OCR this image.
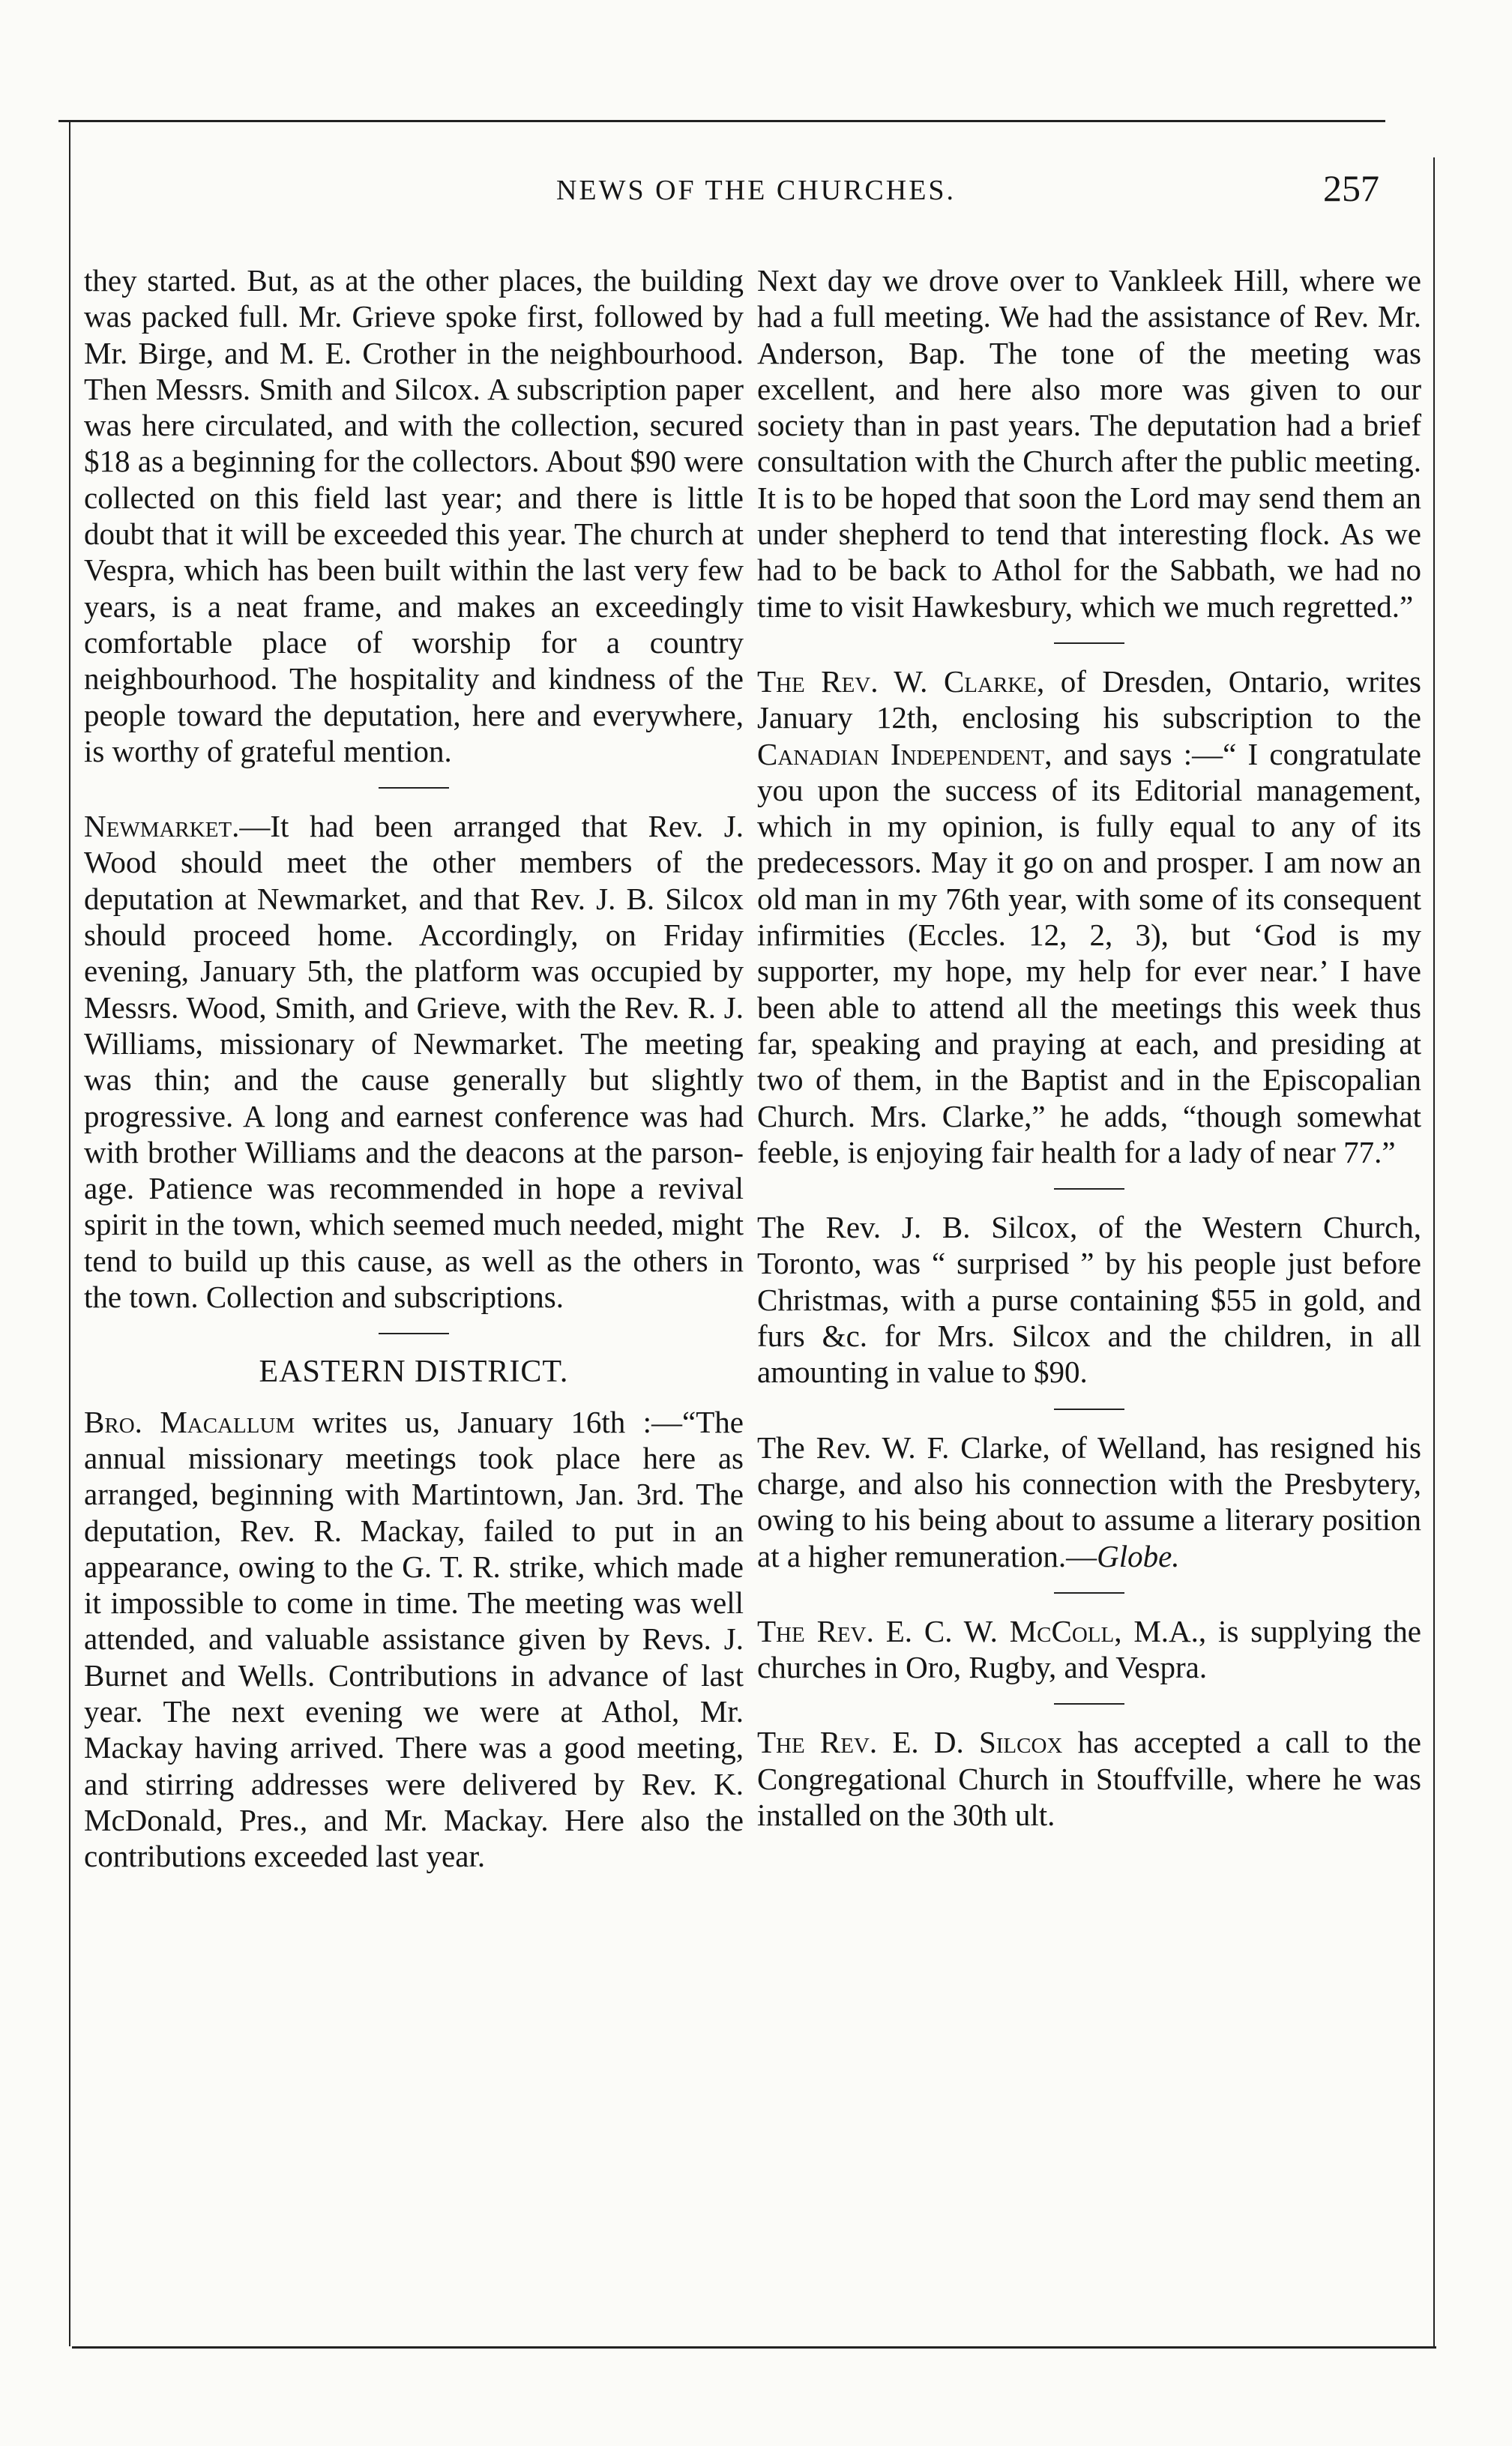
NEWS OF THE CHURCHES.	257

they started. But, as at the other places, the building was packed full. Mr. Grieve spoke first, followed by Mr. Birge, and M. E. Crother in the neighbourhood. Then Messrs. Smith and Silcox. A subscription paper was here circulated, and with the collection, secured $18 as a beginning for the collectors. About $90 were collected on this field last year; and there is little doubt that it will be exceeded this year. The church at Vespra, which has been built within the last very few years, is a neat frame, and makes an exceedingly comfortable place of worship for a country neighbourhood. The hospitality and kindness of the people toward the deputation, here and everywhere, is worthy of grateful mention.

Newmarket.—It had been arranged that Rev. J. Wood should meet the other members of the deputation at Newmarket, and that Rev. J. B. Silcox should proceed home. Accordingly, on Friday evening, January 5th, the platform was occupied by Messrs. Wood, Smith, and Grieve, with the Rev. R. J. Williams, missionary of Newmarket. The meeting was thin; and the cause generally but slightly progressive. A long and earnest conference was had with brother Williams and the deacons at the parsonage. Patience was recommended in hope a revival spirit in the town, which seemed much needed, might tend to build up this cause, as well as the others in the town. Collection and subscriptions.

EASTERN DISTRICT.

Bro. Macallum writes us, January 16th :—“The annual missionary meetings took place here as arranged, beginning with Martintown, Jan. 3rd. The deputation, Rev. R. Mackay, failed to put in an appearance, owing to the G. T. R. strike, which made it impossible to come in time. The meeting was well attended, and valuable assistance given by Revs. J. Burnet and Wells. Contributions in advance of last year. The next evening we were at Athol, Mr. Mackay having arrived. There was a good meeting, and stirring addresses were delivered by Rev. K. McDonald, Pres., and Mr. Mackay. Here also the contributions exceeded last year.

Next day we drove over to Vankleek Hill, where we had a full meeting. We had the assistance of Rev. Mr. Anderson, Bap. The tone of the meeting was excellent, and here also more was given to our society than in past years. The deputation had a brief consultation with the Church after the public meeting. It is to be hoped that soon the Lord may send them an under shepherd to tend that interesting flock. As we had to be back to Athol for the Sabbath, we had no time to visit Hawkesbury, which we much regretted.”

The Rev. W. Clarke, of Dresden, Ontario, writes January 12th, enclosing his subscription to the Canadian Independent, and says :—“ I congratulate you upon the success of its Editorial management, which in my opinion, is fully equal to any of its predecessors. May it go on and prosper. I am now an old man in my 76th year, with some of its consequent infirmities (Eccles. 12, 2, 3), but ‘God is my supporter, my hope, my help for ever near.’ I have been able to attend all the meetings this week thus far, speaking and praying at each, and presiding at two of them, in the Baptist and in the Episcopalian Church. Mrs. Clarke,” he adds, “though somewhat feeble, is enjoying fair health for a lady of near 77.”

The Rev. J. B. Silcox, of the Western Church, Toronto, was “ surprised ” by his people just before Christmas, with a purse containing $55 in gold, and furs &c. for Mrs. Silcox and the children, in all amounting in value to $90.

The Rev. W. F. Clarke, of Welland, has resigned his charge, and also his connection with the Presbytery, owing to his being about to assume a literary position at a higher remuneration.—Globe.

The Rev. E. C. W. McColl, M.A., is supplying the churches in Oro, Rugby, and Vespra.

The Rev. E. D. Silcox has accepted a call to the Congregational Church in Stouffville, where he was installed on the 30th ult.
